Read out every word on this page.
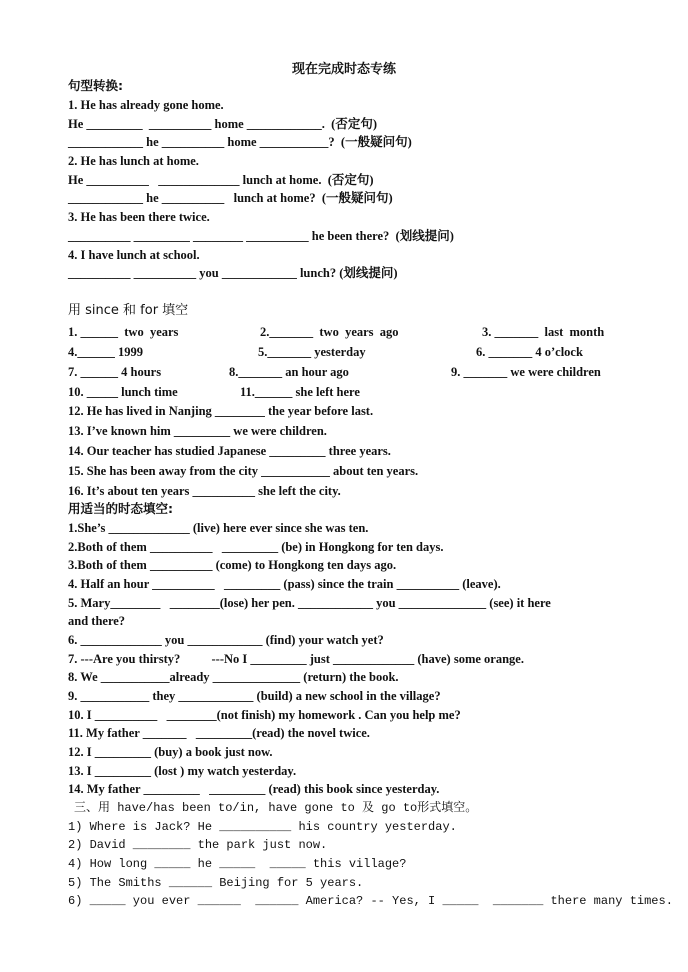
现在完成时态专练
句型转换:
1. He has already gone home.
He _________  __________ home ____________.  (否定句)
____________ he __________ home ___________?  (一般疑问句)
2. He has lunch at home.
He __________   _____________ lunch at home.  (否定句)
____________ he __________   lunch at home?  (一般疑问句)
3. He has been there twice.
__________ _________ ________ __________ he been there?  (划线提问)
4. I have lunch at school.
__________ __________ you ____________ lunch? (划线提问)
用 since 和 for 填空
1. ______  two  years	2._______  two  years  ago	3. _______  last  month
4.______ 1999	5._______ yesterday	6. _______ 4 o’clock
7. ______ 4 hours	8._______ an hour ago	9. _______ we were children
10. _____ lunch time	11.______ she left here
12. He has lived in Nanjing ________ the year before last.
13. I’ve known him _________ we were children.
14. Our teacher has studied Japanese _________ three years.
15. She has been away from the city ___________ about ten years.
16. It’s about ten years __________ she left the city.
用适当的时态填空:
1.She’s _____________ (live) here ever since she was ten.
2.Both of them __________   _________ (be) in Hongkong for ten days.
3.Both of them __________ (come) to Hongkong ten days ago.
4. Half an hour __________   _________ (pass) since the train __________ (leave).
5. Mary________   ________(lose) her pen. ____________ you ______________ (see) it here
and there?
6. _____________ you ____________ (find) your watch yet?
7. ---Are you thirsty?          ---No I _________ just _____________ (have) some orange.
8. We ___________already ______________ (return) the book.
9. ___________ they ____________ (build) a new school in the village?
10. I __________   ________(not finish) my homework . Can you help me?
11. My father _______   _________(read) the novel twice.
12. I _________ (buy) a book just now.
13. I _________ (lost ) my watch yesterday.
14. My father _________   _________ (read) this book since yesterday.
三、用 have/has been to/in, have gone to 及 go to形式填空。
1) Where is Jack? He __________ his country yesterday.
2) David ________ the park just now.
4) How long _____ he _____  _____ this village?
5) The Smiths ______ Beijing for 5 years.
6) _____ you ever ______  ______ America? -- Yes, I _____  _______ there many times.
